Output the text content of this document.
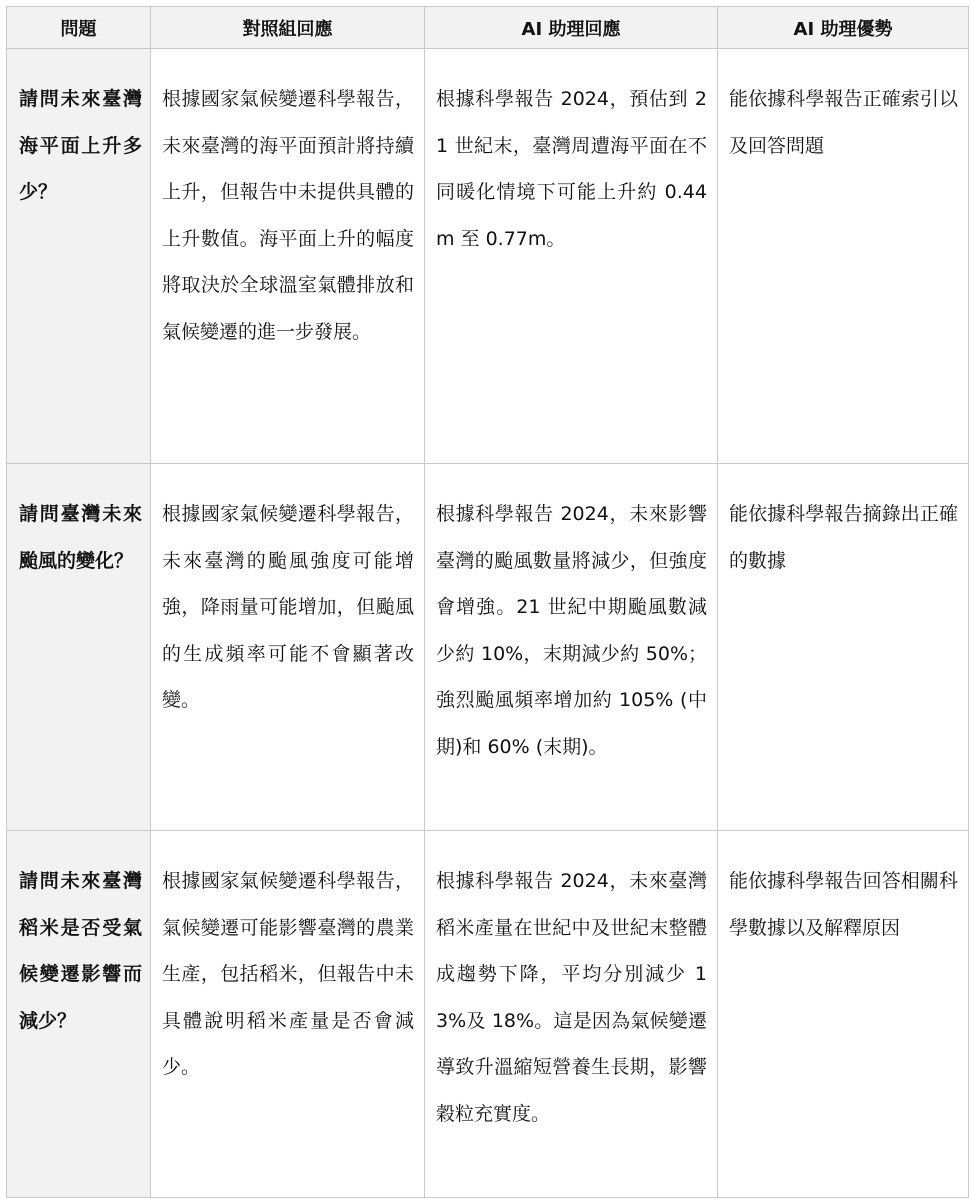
問題	對照組回應	AI 助理回應	AI 助理優勢
請問未來臺灣海平面上升多少？	根據國家氣候變遷科學報告，未來臺灣的海平面預計將持續上升，但報告中未提供具體的上升數值。海平面上升的幅度將取決於全球溫室氣體排放和氣候變遷的進一步發展。	根據科學報告 2024，預估到 21 世紀末，臺灣周遭海平面在不同暖化情境下可能上升約 0.44m 至 0.77m。	能依據科學報告正確索引以及回答問題
請問臺灣未來颱風的變化？	根據國家氣候變遷科學報告，未來臺灣的颱風強度可能增強，降雨量可能增加，但颱風的生成頻率可能不會顯著改變。	根據科學報告 2024，未來影響臺灣的颱風數量將減少，但強度會增強。21 世紀中期颱風數減少約 10%，末期減少約 50%；強烈颱風頻率增加約 105% (中期)和 60% (末期)。	能依據科學報告摘錄出正確的數據
請問未來臺灣稻米是否受氣候變遷影響而減少？	根據國家氣候變遷科學報告，氣候變遷可能影響臺灣的農業生產，包括稻米，但報告中未具體說明稻米產量是否會減少。	根據科學報告 2024，未來臺灣稻米產量在世紀中及世紀末整體成趨勢下降，平均分別減少 13%及 18%。這是因為氣候變遷導致升溫縮短營養生長期，影響穀粒充實度。	能依據科學報告回答相關科學數據以及解釋原因
